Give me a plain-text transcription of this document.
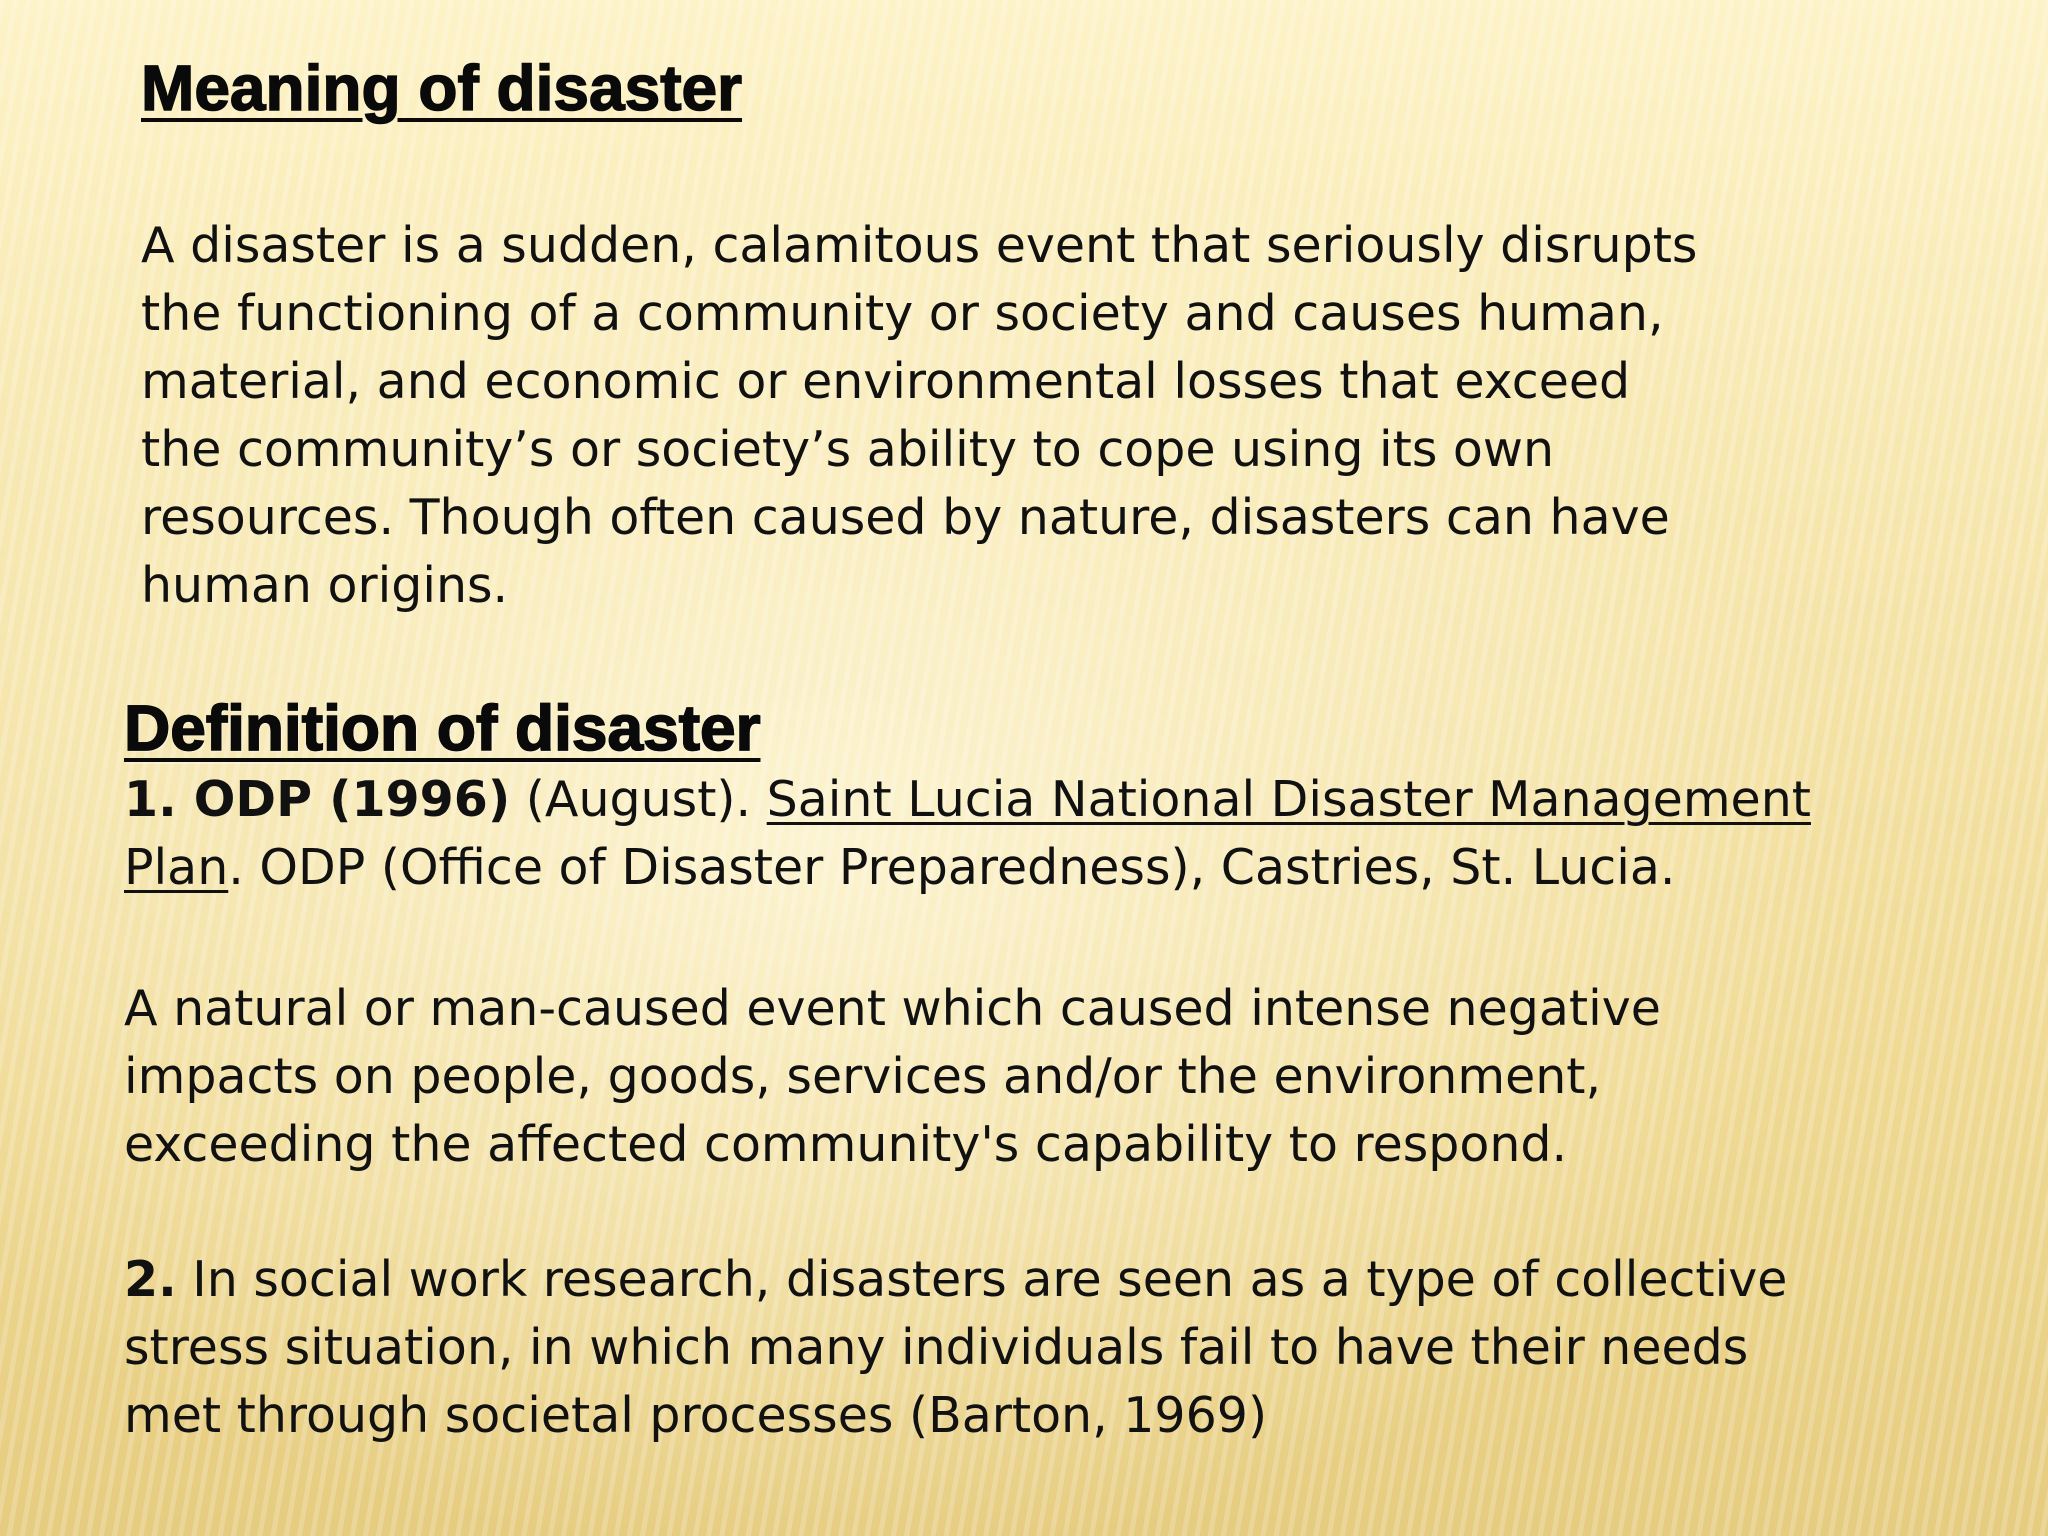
Meaning of disaster

A disaster is a sudden, calamitous event that seriously disrupts
the functioning of a community or society and causes human,
material, and economic or environmental losses that exceed
the community’s or society’s ability to cope using its own
resources. Though often caused by nature, disasters can have
human origins.

Definition of disaster

1. ODP (1996) (August). Saint Lucia National Disaster Management
Plan. ODP (Office of Disaster Preparedness), Castries, St. Lucia.

A natural or man-caused event which caused intense negative
impacts on people, goods, services and/or the environment,
exceeding the affected community's capability to respond.

2. In social work research, disasters are seen as a type of collective
stress situation, in which many individuals fail to have their needs
met through societal processes (Barton, 1969)
